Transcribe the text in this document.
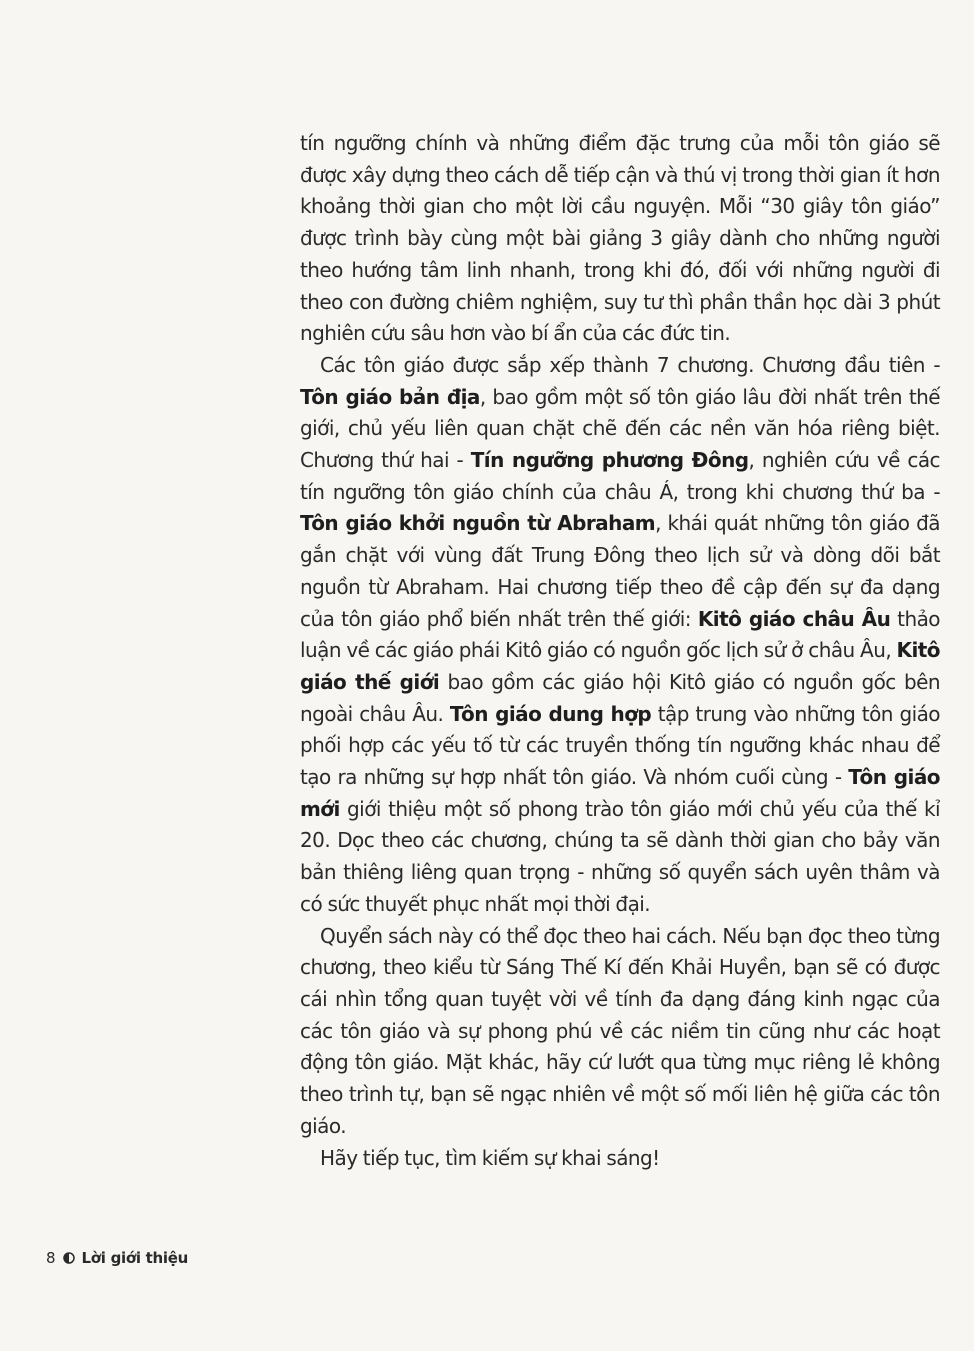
tín ngưỡng chính và những điểm đặc trưng của mỗi tôn giáo sẽ được xây dựng theo cách dễ tiếp cận và thú vị trong thời gian ít hơn khoảng thời gian cho một lời cầu nguyện. Mỗi “30 giây tôn giáo” được trình bày cùng một bài giảng 3 giây dành cho những người theo hướng tâm linh nhanh, trong khi đó, đối với những người đi theo con đường chiêm nghiệm, suy tư thì phần thần học dài 3 phút nghiên cứu sâu hơn vào bí ẩn của các đức tin.

Các tôn giáo được sắp xếp thành 7 chương. Chương đầu tiên - Tôn giáo bản địa, bao gồm một số tôn giáo lâu đời nhất trên thế giới, chủ yếu liên quan chặt chẽ đến các nền văn hóa riêng biệt. Chương thứ hai - Tín ngưỡng phương Đông, nghiên cứu về các tín ngưỡng tôn giáo chính của châu Á, trong khi chương thứ ba - Tôn giáo khởi nguồn từ Abraham, khái quát những tôn giáo đã gắn chặt với vùng đất Trung Đông theo lịch sử và dòng dõi bắt nguồn từ Abraham. Hai chương tiếp theo đề cập đến sự đa dạng của tôn giáo phổ biến nhất trên thế giới: Kitô giáo châu Âu thảo luận về các giáo phái Kitô giáo có nguồn gốc lịch sử ở châu Âu, Kitô giáo thế giới bao gồm các giáo hội Kitô giáo có nguồn gốc bên ngoài châu Âu. Tôn giáo dung hợp tập trung vào những tôn giáo phối hợp các yếu tố từ các truyền thống tín ngưỡng khác nhau để tạo ra những sự hợp nhất tôn giáo. Và nhóm cuối cùng - Tôn giáo mới giới thiệu một số phong trào tôn giáo mới chủ yếu của thế kỉ 20. Dọc theo các chương, chúng ta sẽ dành thời gian cho bảy văn bản thiêng liêng quan trọng - những số quyển sách uyên thâm và có sức thuyết phục nhất mọi thời đại.

Quyển sách này có thể đọc theo hai cách. Nếu bạn đọc theo từng chương, theo kiểu từ Sáng Thế Kí đến Khải Huyền, bạn sẽ có được cái nhìn tổng quan tuyệt vời về tính đa dạng đáng kinh ngạc của các tôn giáo và sự phong phú về các niềm tin cũng như các hoạt động tôn giáo. Mặt khác, hãy cứ lướt qua từng mục riêng lẻ không theo trình tự, bạn sẽ ngạc nhiên về một số mối liên hệ giữa các tôn giáo.

Hãy tiếp tục, tìm kiếm sự khai sáng!

8 Lời giới thiệu
